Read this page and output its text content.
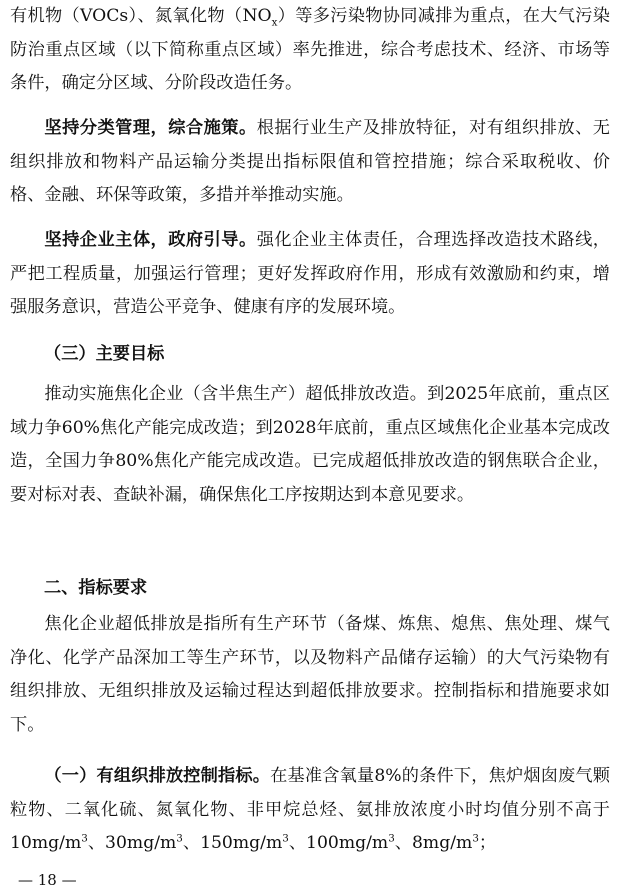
有机物（VOCs）、氮氧化物$(NO_x)$等多污染物协同减排为重点，在大气污染防治重点区域（以下简称重点区域）率先推进，综合考虑技术、经济、市场等条件，确定分区域、分阶段改造任务。

坚持分类管理，综合施策。根据行业生产及排放特征，对有组织排放、无组织排放和物料产品运输分类提出指标限值和管控措施；综合采取税收、价格、金融、环保等政策，多措并举推动实施。

坚持企业主体，政府引导。强化企业主体责任，合理选择改造技术路线，严把工程质量，加强运行管理；更好发挥政府作用，形成有效激励和约束，增强服务意识，营造公平竞争、健康有序的发展环境。

（三）主要目标

推动实施焦化企业（含半焦生产）超低排放改造。到2025年底前，重点区域力争60%焦化产能完成改造；到2028年底前，重点区域焦化企业基本完成改造，全国力争80%焦化产能完成改造。已完成超低排放改造的钢焦联合企业，要对标对表、查缺补漏，确保焦化工序按期达到本意见要求。

二、指标要求

焦化企业超低排放是指所有生产环节（备煤、炼焦、熄焦、焦处理、煤气净化、化学产品深加工等生产环节，以及物料产品储存运输）的大气污染物有组织排放、无组织排放及运输过程达到超低排放要求。控制指标和措施要求如下。

（一）有组织排放控制指标。在基准含氧量8%的条件下，焦炉烟囱废气颗粒物、二氧化硫、氮氧化物、非甲烷总烃、氨排放浓度小时均值分别不高于$10mg/m^3$、$30mg/m^3$、$150mg/m^3$、$100mg/m^3$、$8mg/m^3$；

— 18 —
